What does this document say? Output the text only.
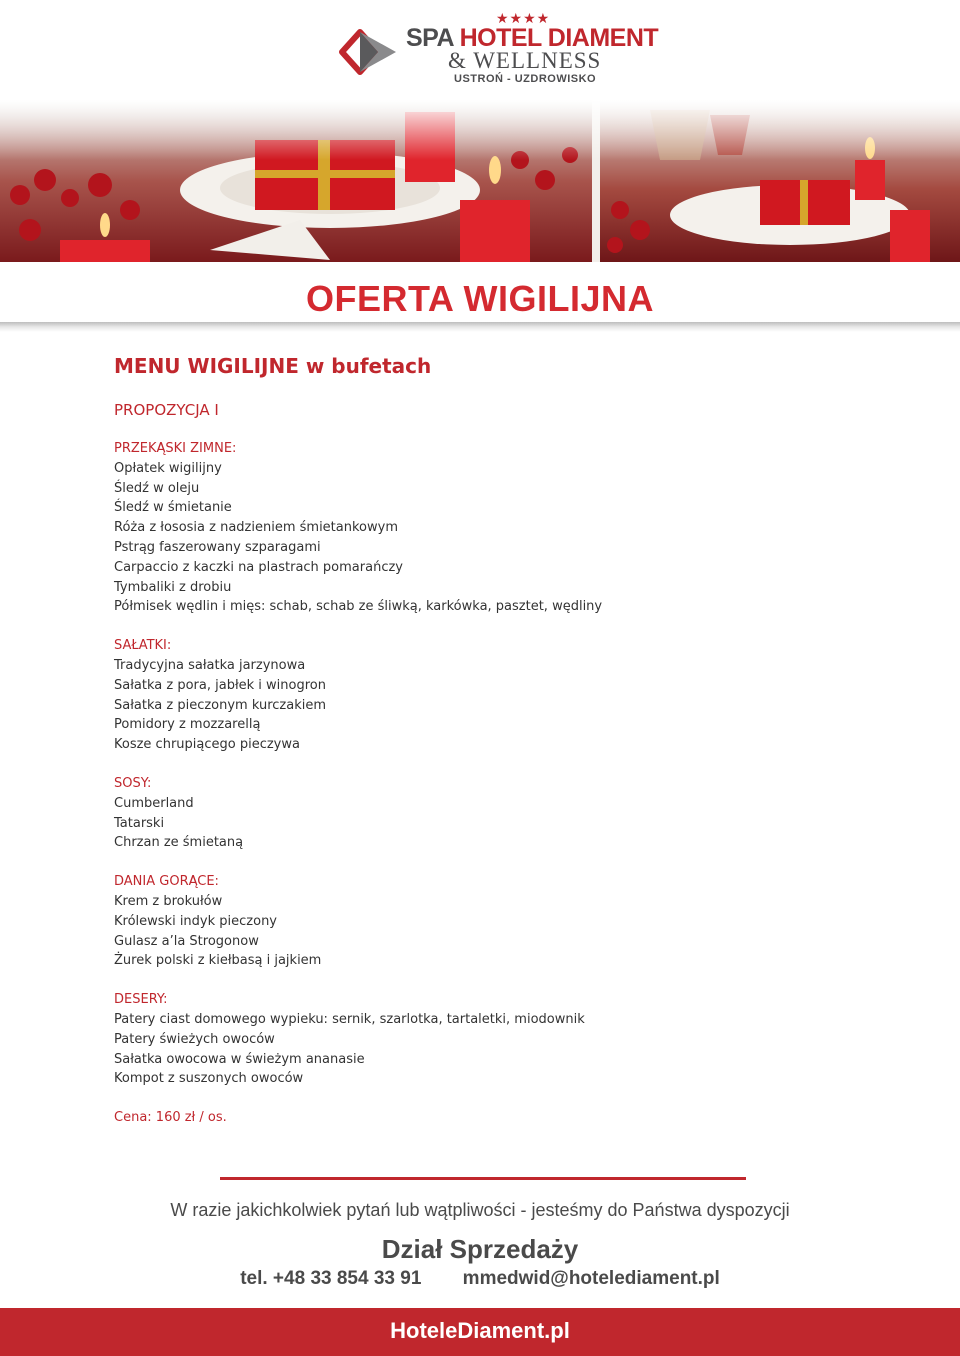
★★★★
SPA HOTEL DIAMENT
& WELLNESS
USTROŃ - UZDROWISKO
OFERTA WIGILIJNA
MENU WIGILIJNE w bufetach
PROPOZYCJA I
PRZEKĄSKI ZIMNE:
Opłatek wigilijny
Śledź w oleju
Śledź w śmietanie
Róża z łososia z nadzieniem śmietankowym
Pstrąg faszerowany szparagami
Carpaccio z kaczki na plastrach pomarańczy
Tymbaliki z drobiu
Półmisek wędlin i mięs: schab, schab ze śliwką, karkówka, pasztet, wędliny
SAŁATKI:
Tradycyjna sałatka jarzynowa
Sałatka z pora, jabłek i winogron
Sałatka z pieczonym kurczakiem
Pomidory z mozzarellą
Kosze chrupiącego pieczywa
SOSY:
Cumberland
Tatarski
Chrzan ze śmietaną
DANIA GORĄCE:
Krem z brokułów
Królewski indyk pieczony
Gulasz a’la Strogonow
Żurek polski z kiełbasą i jajkiem
DESERY:
Patery ciast domowego wypieku: sernik, szarlotka, tartaletki, miodownik
Patery świeżych owoców
Sałatka owocowa w świeżym ananasie
Kompot z suszonych owoców
Cena: 160 zł / os.
W razie jakichkolwiek pytań lub wątpliwości - jesteśmy do Państwa dyspozycji
Dział Sprzedaży
tel. +48 33 854 33 91 mmedwid@hotelediament.pl
HoteleDiament.pl
